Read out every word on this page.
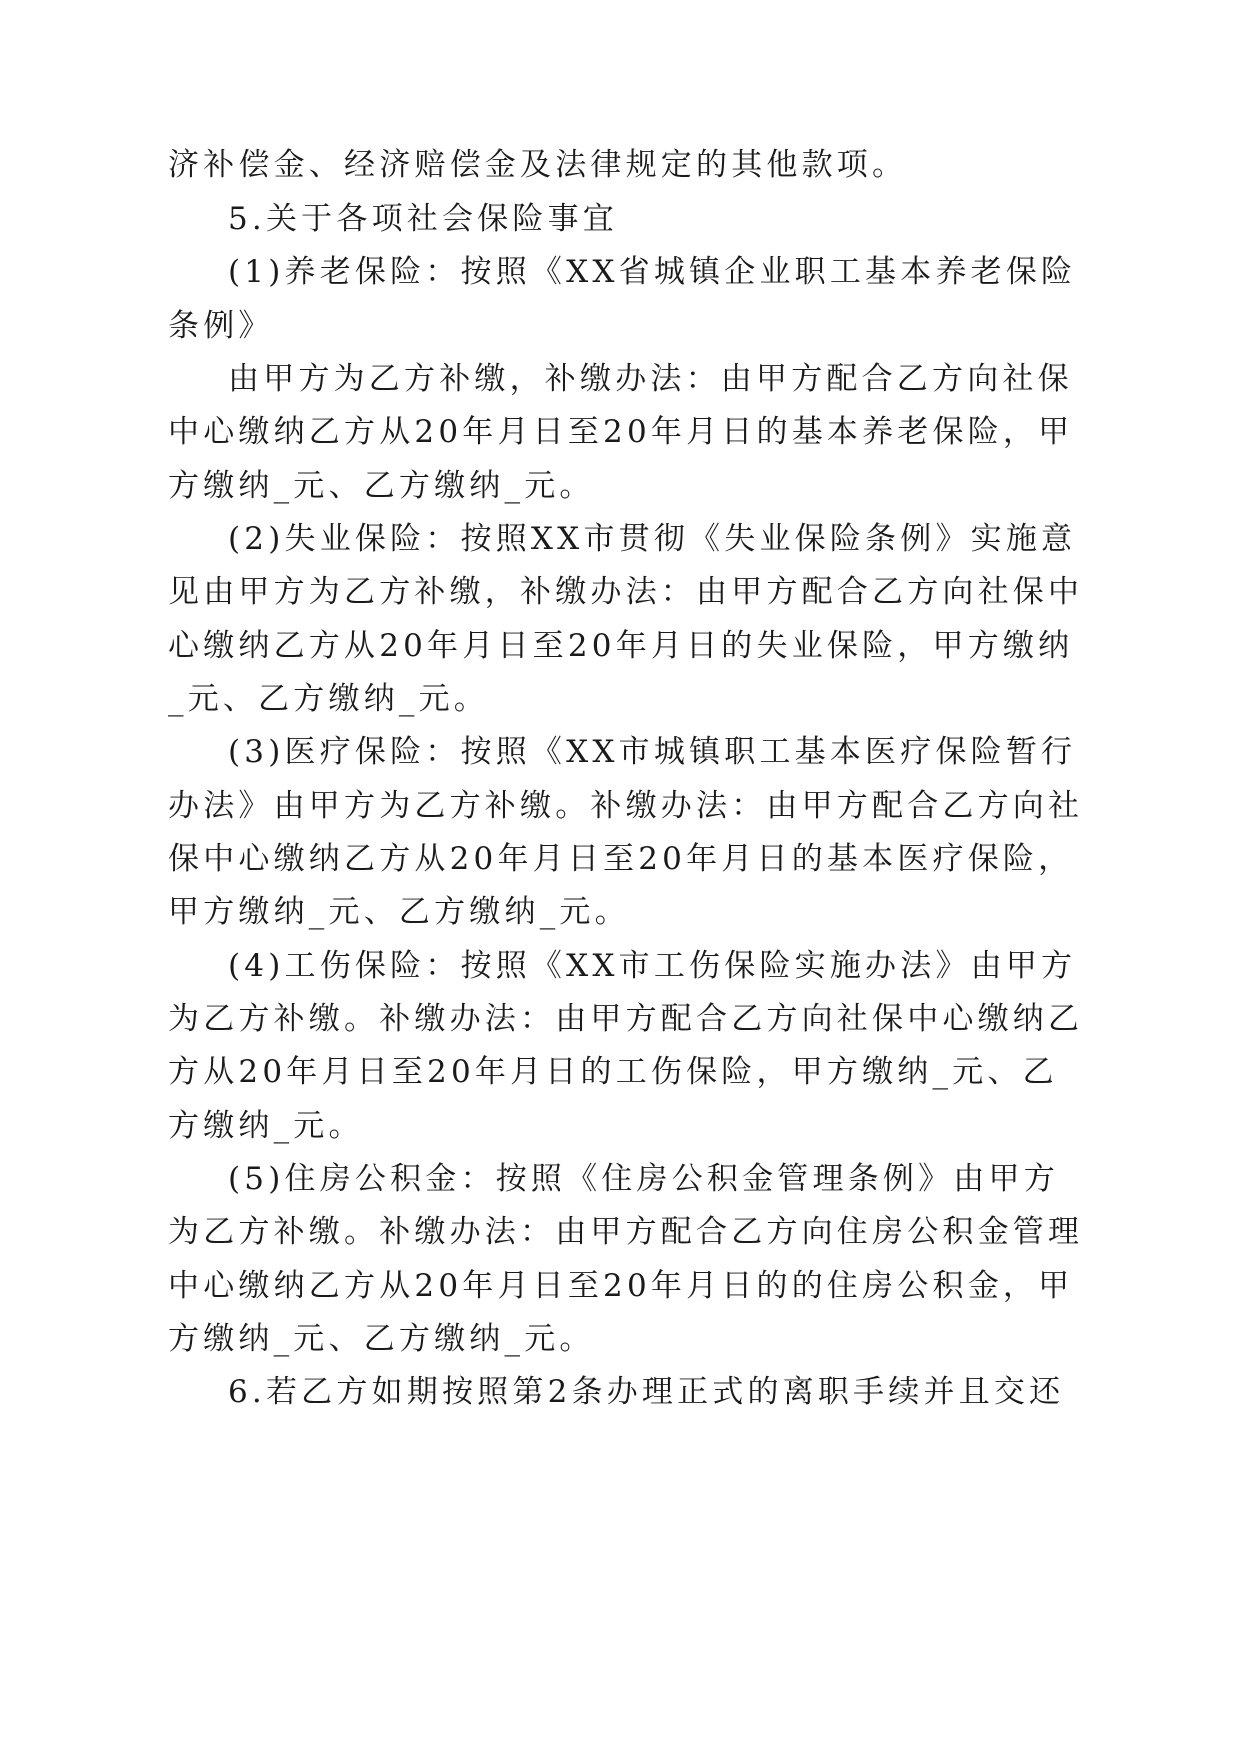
济补偿金、经济赔偿金及法律规定的其他款项。
5.关于各项社会保险事宜
(1)养老保险：按照《XX省城镇企业职工基本养老保险
条例》
由甲方为乙方补缴，补缴办法：由甲方配合乙方向社保
中心缴纳乙方从20年月日至20年月日的基本养老保险，甲
方缴纳_元、乙方缴纳_元。
(2)失业保险：按照XX市贯彻《失业保险条例》实施意
见由甲方为乙方补缴，补缴办法：由甲方配合乙方向社保中
心缴纳乙方从20年月日至20年月日的失业保险，甲方缴纳
_元、乙方缴纳_元。
(3)医疗保险：按照《XX市城镇职工基本医疗保险暂行
办法》由甲方为乙方补缴。补缴办法：由甲方配合乙方向社
保中心缴纳乙方从20年月日至20年月日的基本医疗保险，
甲方缴纳_元、乙方缴纳_元。
(4)工伤保险：按照《XX市工伤保险实施办法》由甲方
为乙方补缴。补缴办法：由甲方配合乙方向社保中心缴纳乙
方从20年月日至20年月日的工伤保险，甲方缴纳_元、乙
方缴纳_元。
(5)住房公积金：按照《住房公积金管理条例》由甲方
为乙方补缴。补缴办法：由甲方配合乙方向住房公积金管理
中心缴纳乙方从20年月日至20年月日的的住房公积金，甲
方缴纳_元、乙方缴纳_元。
6.若乙方如期按照第2条办理正式的离职手续并且交还
